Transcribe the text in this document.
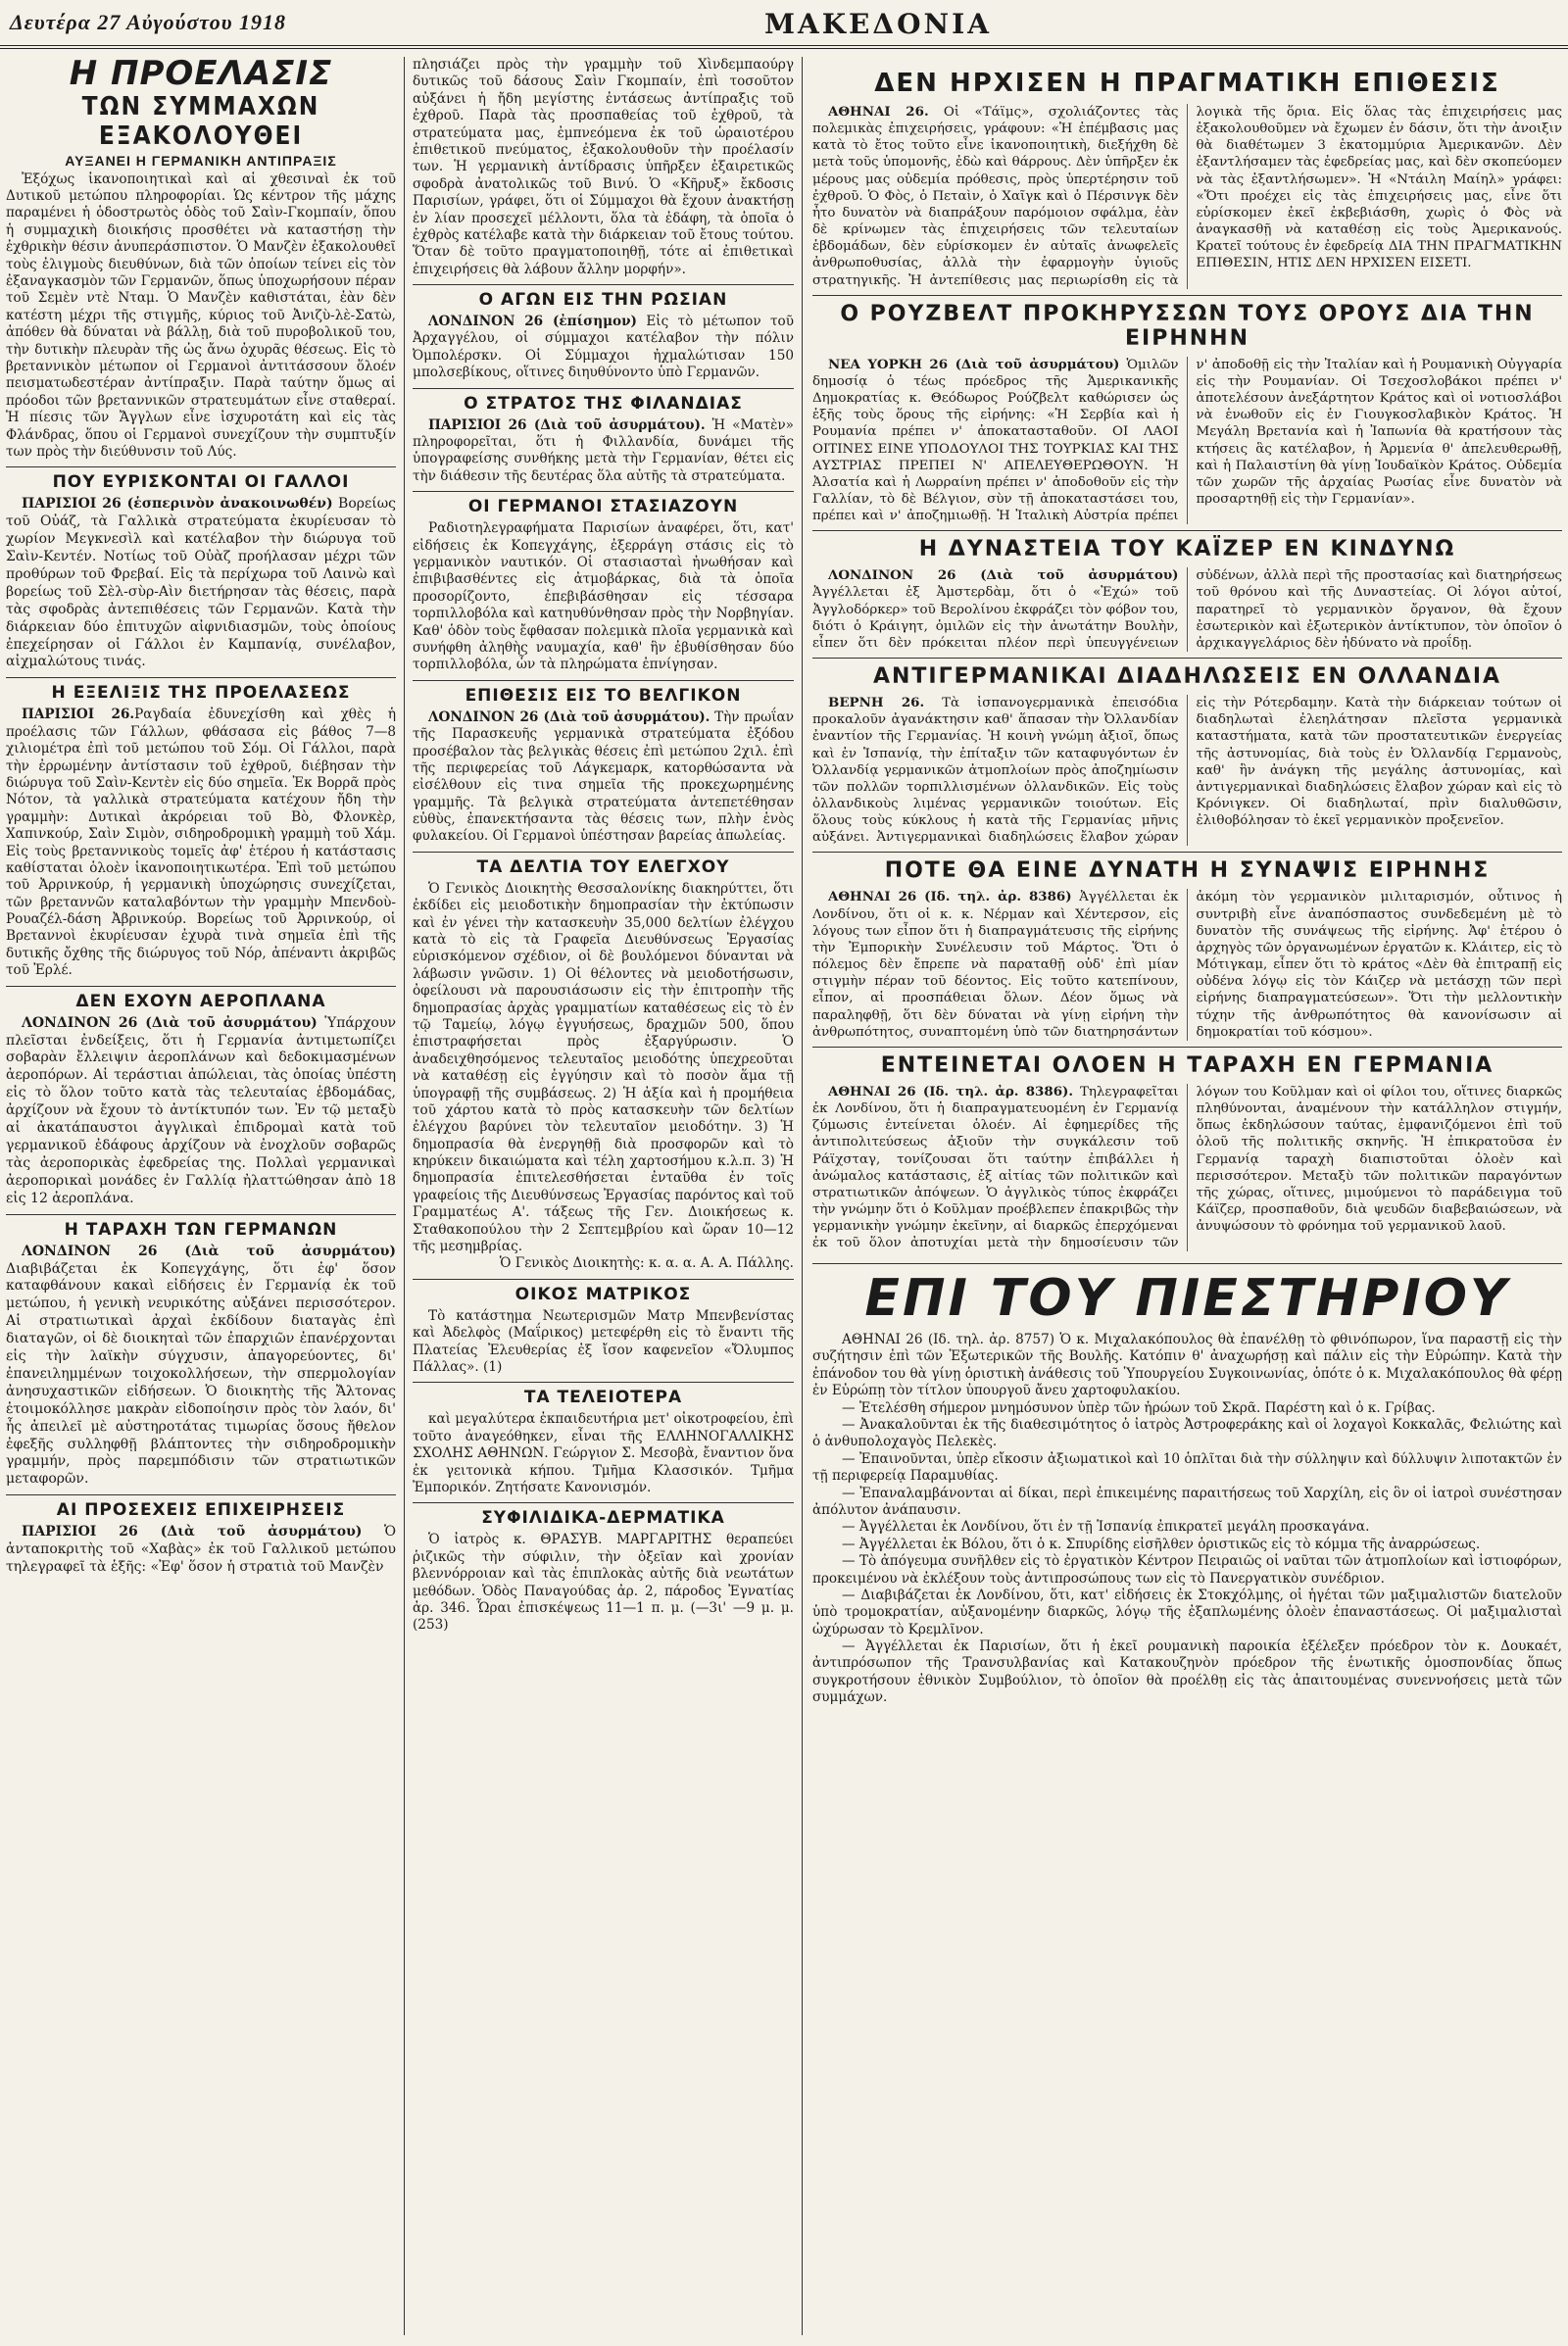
Δευτέρα 27 Αὐγούστου 1918	ΜΑΚΕΔΟΝΙΑ
Η ΠΡΟΕΛΑΣΙΣ
ΤΩΝ ΣΥΜΜΑΧΩΝ ΕΞΑΚΟΛΟΥΘΕΙ
ΑΥΞΑΝΕΙ Η ΓΕΡΜΑΝΙΚΗ ΑΝΤΙΠΡΑΞΙΣ

Ἐξόχως ἱκανοποιητικαὶ καὶ αἱ χθεσιναὶ ἐκ τοῦ Δυτικοῦ μετώπου πληροφορίαι. Ὡς κέντρον τῆς μάχης παραμένει ἡ ὁδοστρωτὸς ὁδὸς τοῦ Σαὶν-Γκομπαίν, ὅπου ἡ συμμαχικὴ διοικήσις προσθέτει νὰ καταστήσῃ τὴν ἐχθρικὴν θέσιν ἀνυπεράσπιστον. Ὁ Μανζὲν ἐξακολουθεῖ τοὺς ἐλιγμοὺς διευθύνων, διὰ τῶν ὁποίων τείνει εἰς τὸν ἐξαναγκασμὸν τῶν Γερμανῶν, ὅπως ὑποχωρήσουν πέραν τοῦ Σεμὲν ντὲ Νταμ. Ὁ Μανζὲν καθιστάται, ἐὰν δὲν κατέστη μέχρι τῆς στιγμῆς, κύριος τοῦ Ἀνιζὺ-λὲ-Σατὼ, ἀπόθεν θὰ δύναται νὰ βάλλῃ, διὰ τοῦ πυροβολικοῦ του, τὴν δυτικὴν πλευρὰν τῆς ὡς ἄνω ὀχυρᾶς θέσεως. Εἰς τὸ βρεταννικὸν μέτωπον οἱ Γερμανοὶ ἀντιτάσσουν ὅλοέν πεισματωδεστέραν ἀντίπραξιν. Παρὰ ταύτην ὅμως αἱ πρόοδοι τῶν βρεταννικῶν στρατευμάτων εἶνε σταθεραί. Ἡ πίεσις τῶν Ἄγγλων εἶνε ἰσχυροτάτη καὶ εἰς τὰς Φλάνδρας, ὅπου οἱ Γερμανοὶ συνεχίζουν τὴν συμπτυξίν των πρὸς τὴν διεύθυνσιν τοῦ Λύς.

ΠΟΥ ΕΥΡΙΣΚΟΝΤΑΙ ΟΙ ΓΑΛΛΟΙ

ΠΑΡΙΣΙΟΙ 26 (ἑσπερινὸν ἀνακοινωθέν) Βορείως τοῦ Οὐάζ, τὰ Γαλλικὰ στρατεύματα ἐκυρίευσαν τὸ χωρίον Μεγκνεσὶλ καὶ κατέλαβον τὴν διώρυγα τοῦ Σαὶν-Κεντέν. Νοτίως τοῦ Οὐὰζ προήλασαν μέχρι τῶν προθύρων τοῦ Φρεβαί. Εἰς τὰ περίχωρα τοῦ Λαινὼ καὶ βορείως τοῦ Σὲλ-σὺρ-Αὶν διετήρησαν τὰς θέσεις, παρὰ τὰς σφοδρὰς ἀντεπιθέσεις τῶν Γερμανῶν. Κατὰ τὴν διάρκειαν δύο ἐπιτυχῶν αἰφνιδιασμῶν, τοὺς ὁποίους ἐπεχείρησαν οἱ Γάλλοι ἐν Καμπανίᾳ, συνέλαβον, αἰχμαλώτους τινάς.

Η ΕΞΕΛΙΞΙΣ ΤΗΣ ΠΡΟΕΛΑΣΕΩΣ

ΠΑΡΙΣΙΟΙ 26.Ραγδαία ἐδυνεχίσθη καὶ χθὲς ἡ προέλασις τῶν Γάλλων, φθάσασα εἰς βάθος 7—8 χιλιομέτρα ἐπὶ τοῦ μετώπου τοῦ Σόμ. Οἱ Γάλλοι, παρὰ τὴν ἐρρωμένην ἀντίστασιν τοῦ ἐχθροῦ, διέβησαν τὴν διώρυγα τοῦ Σαὶν-Κεντὲν εἰς δύο σημεῖα. Ἐκ Βορρᾶ πρὸς Νότον, τὰ γαλλικὰ στρατεύματα κατέχουν ἤδη τὴν γραμμὴν: Δυτικαὶ ἀκρόρειαι τοῦ Βὸ, Φλονκὲρ, Χαπινκούρ, Σαὶν Σιμὸν, σιδηροδρομικὴ γραμμὴ τοῦ Χάμ. Εἰς τοὺς βρεταννικοὺς τομεῖς ἀφ' ἑτέρου ἡ κατάστασις καθίσταται ὁλοὲν ἱκανοποιητικωτέρα. Ἐπὶ τοῦ μετώπου τοῦ Ἀρρινκούρ, ἡ γερμανικὴ ὑποχώρησις συνεχίζεται, τῶν βρεταννῶν καταλαβόντων τὴν γραμμὴν Μπενδοὺ-Ρουαζέλ-δάση Ἀβρινκούρ. Βορείως τοῦ Ἀρρινκούρ, οἱ Βρεταννοὶ ἐκυρίευσαν ἐχυρὰ τινὰ σημεῖα ἐπὶ τῆς δυτικῆς ὄχθης τῆς διώρυγος τοῦ Νόρ, ἀπέναντι ἀκριβῶς τοῦ Ἐρλέ.

ΔΕΝ ΕΧΟΥΝ ΑΕΡΟΠΛΑΝΑ

ΛΟΝΔΙΝΟΝ 26 (Διὰ τοῦ ἀσυρμάτου) Ὑπάρχουν πλεῖσται ἐνδείξεις, ὅτι ἡ Γερμανία ἀντιμετωπίζει σοβαρὰν ἔλλειψιν ἀεροπλάνων καὶ δεδοκιμασμένων ἀεροπόρων. Αἱ τεράστιαι ἀπώλειαι, τὰς ὁποίας ὑπέστη εἰς τὸ ὅλον τοῦτο κατὰ τὰς τελευταίας ἑβδομάδας, ἀρχίζουν νὰ ἔχουν τὸ ἀντίκτυπόν των. Ἐν τῷ μεταξὺ αἱ ἀκατάπαυστοι ἀγγλικαὶ ἐπιδρομαὶ κατὰ τοῦ γερμανικοῦ ἐδάφους ἀρχίζουν νὰ ἐνοχλοῦν σοβαρῶς τὰς ἀεροπορικὰς ἐφεδρείας της. Πολλαὶ γερμανικαὶ ἀεροπορικαὶ μονάδες ἐν Γαλλίᾳ ἠλαττώθησαν ἀπὸ 18 εἰς 12 ἀεροπλάνα.

Η ΤΑΡΑΧΗ ΤΩΝ ΓΕΡΜΑΝΩΝ

ΛΟΝΔΙΝΟΝ 26 (Διὰ τοῦ ἀσυρμάτου) Διαβιβάζεται ἐκ Κοπεγχάγης, ὅτι ἐφ' ὅσον καταφθάνουν κακαὶ εἰδήσεις ἐν Γερμανίᾳ ἐκ τοῦ μετώπου, ἡ γενικὴ νευρικότης αὐξάνει περισσότερον. Αἱ στρατιωτικαὶ ἀρχαὶ ἐκδίδουν διαταγὰς ἐπὶ διαταγῶν, οἱ δὲ διοικηταὶ τῶν ἐπαρχιῶν ἐπανέρχονται εἰς τὴν λαϊκὴν σύγχυσιν, ἀπαγορεύοντες, δι' ἐπανειλημμένων τοιχοκολλήσεων, τὴν σπερμολογίαν ἀνησυχαστικῶν εἰδήσεων. Ὁ διοικητὴς τῆς Ἄλτονας ἐτοιμοκόλλησε μακρὰν εἰδοποίησιν πρὸς τὸν λαόν, δι' ἧς ἀπειλεῖ μὲ αὐστηροτάτας τιμωρίας ὅσους ἤθελον ἐφεξῆς συλληφθῇ βλάπτοντες τὴν σιδηροδρομικὴν γραμμήν, πρὸς παρεμπόδισιν τῶν στρατιωτικῶν μεταφορῶν.

ΑΙ ΠΡΟΣΕΧΕΙΣ ΕΠΙΧΕΙΡΗΣΕΙΣ

ΠΑΡΙΣΙΟΙ 26 (Διὰ τοῦ ἀσυρμάτου) Ὁ ἀνταποκριτὴς τοῦ «Χαβὰς» ἐκ τοῦ Γαλλικοῦ μετώπου τηλεγραφεῖ τὰ ἑξῆς: «Ἐφ' ὅσον ἡ στρατιὰ τοῦ Μανζὲν

πλησιάζει πρὸς τὴν γραμμὴν τοῦ Χὶνδεμπαούργ δυτικῶς τοῦ δάσους Σαὶν Γκομπαίν, ἐπὶ τοσοῦτον αὐξάνει ἡ ἤδη μεγίστης ἐντάσεως ἀντίπραξις τοῦ ἐχθροῦ. Παρὰ τὰς προσπαθείας τοῦ ἐχθροῦ, τὰ στρατεύματα μας, ἐμπνεόμενα ἐκ τοῦ ὡραιοτέρου ἐπιθετικοῦ πνεύματος, ἐξακολουθοῦν τὴν προέλασίν των. Ἡ γερμανικὴ ἀντίδρασις ὑπῆρξεν ἐξαιρετικῶς σφοδρὰ ἀνατολικῶς τοῦ Βινύ. Ὁ «Κῆρυξ» ἔκδοσις Παρισίων, γράφει, ὅτι οἱ Σύμμαχοι θὰ ἔχουν ἀνακτήσῃ ἐν λίαν προσεχεῖ μέλλοντι, ὅλα τὰ ἐδάφη, τὰ ὁποῖα ὁ ἐχθρὸς κατέλαβε κατὰ τὴν διάρκειαν τοῦ ἔτους τούτου. Ὅταν δὲ τοῦτο πραγματοποιηθῇ, τότε αἱ ἐπιθετικαὶ ἐπιχειρήσεις θὰ λάβουν ἄλλην μορφήν».

Ο ΑΓΩΝ ΕΙΣ ΤΗΝ ΡΩΣΙΑΝ

ΛΟΝΔΙΝΟΝ 26 (ἐπίσημον) Εἰς τὸ μέτωπον τοῦ Ἀρχαγγέλου, οἱ σύμμαχοι κατέλαβον τὴν πόλιν Ὀμπολέρσκν. Οἱ Σύμμαχοι ἠχμαλώτισαν 150 μπολσεβίκους, οἵτινες διηυθύνοντο ὑπὸ Γερμανῶν.

Ο ΣΤΡΑΤΟΣ ΤΗΣ ΦΙΛΑΝΔΙΑΣ

ΠΑΡΙΣΙΟΙ 26 (Διὰ τοῦ ἀσυρμάτου). Ἡ «Ματὲν» πληροφορεῖται, ὅτι ἡ Φιλλανδία, δυνάμει τῆς ὑπογραφείσης συνθήκης μετὰ τὴν Γερμανίαν, θέτει εἰς τὴν διάθεσιν τῆς δευτέρας ὅλα αὐτῆς τὰ στρατεύματα.

ΟΙ ΓΕΡΜΑΝΟΙ ΣΤΑΣΙΑΖΟΥΝ

Ραδιοτηλεγραφήματα Παρισίων ἀναφέρει, ὅτι, κατ' εἰδήσεις ἐκ Κοπεγχάγης, ἐξερράγη στάσις εἰς τὸ γερμανικὸν ναυτικόν. Οἱ στασιασταὶ ἠνωθήσαν καὶ ἐπιβιβασθέντες εἰς ἀτμοβάρκας, διὰ τὰ ὁποῖα προσορίζοντο, ἐπεβιβάσθησαν εἰς τέσσαρα τορπιλλοβόλα καὶ κατηυθύνθησαν πρὸς τὴν Νορβηγίαν. Καθ' ὁδὸν τοὺς ἔφθασαν πολεμικὰ πλοῖα γερμανικὰ καὶ συνήφθη ἀληθὴς ναυμαχία, καθ' ἣν ἐβυθίσθησαν δύο τορπιλλοβόλα, ὧν τὰ πληρώματα ἐπνίγησαν.

ΕΠΙΘΕΣΙΣ ΕΙΣ ΤΟ ΒΕΛΓΙΚΟΝ

ΛΟΝΔΙΝΟΝ 26 (Διὰ τοῦ ἀσυρμάτου). Τὴν πρωΐαν τῆς Παρασκευῆς γερμανικὰ στρατεύματα ἐξόδου προσέβαλον τὰς βελγικὰς θέσεις ἐπὶ μετώπου 2χιλ. ἐπὶ τῆς περιφερείας τοῦ Λάγκεμαρκ, κατορθώσαντα νὰ εἰσέλθουν εἰς τινα σημεῖα τῆς προκεχωρημένης γραμμῆς. Τὰ βελγικὰ στρατεύματα ἀντεπετέθησαν εὐθὺς, ἐπανεκτήσαντα τὰς θέσεις των, πλὴν ἑνὸς φυλακείου. Οἱ Γερμανοὶ ὑπέστησαν βαρείας ἀπωλείας.

ΤΑ ΔΕΛΤΙΑ ΤΟΥ ΕΛΕΓΧΟΥ

Ὁ Γενικὸς Διοικητὴς Θεσσαλονίκης διακηρύττει, ὅτι ἐκδίδει εἰς μειοδοτικὴν δημοπρασίαν τὴν ἐκτύπωσιν καὶ ἐν γένει τὴν κατασκευὴν 35,000 δελτίων ἐλέγχου κατὰ τὸ εἰς τὰ Γραφεῖα Διευθύνσεως Ἐργασίας εὑρισκόμενον σχέδιον, οἱ δὲ βουλόμενοι δύνανται νὰ λάβωσιν γνῶσιν. 1) Οἱ θέλοντες νὰ μειοδοτήσωσιν, ὀφείλουσι νὰ παρουσιάσωσιν εἰς τὴν ἐπιτροπὴν τῆς δημοπρασίας ἀρχὰς γραμματίων καταθέσεως εἰς τὸ ἐν τῷ Ταμείῳ, λόγῳ ἐγγυήσεως, δραχμῶν 500, ὅπου ἐπιστραφήσεται πρὸς ἐξαργύρωσιν. Ὁ ἀναδειχθησόμενος τελευταῖος μειοδότης ὑπεχρεοῦται νὰ καταθέσῃ εἰς ἐγγύησιν καὶ τὸ ποσὸν ἅμα τῇ ὑπογραφῇ τῆς συμβάσεως. 2) Ἡ ἀξία καὶ ἡ προμήθεια τοῦ χάρτου κατὰ τὸ πρὸς κατασκευὴν τῶν δελτίων ἐλέγχου βαρύνει τὸν τελευταῖον μειοδότην. 3) Ἡ δημοπρασία θὰ ἐνεργηθῇ διὰ προσφορῶν καὶ τὸ κηρύκειν δικαιώματα καὶ τέλη χαρτοσήμου κ.λ.π. 3) Ἡ δημοπρασία ἐπιτελεσθήσεται ἐνταῦθα ἐν τοῖς γραφείοις τῆς Διευθύνσεως Ἐργασίας παρόντος καὶ τοῦ Γραμματέως Α'. τάξεως τῆς Γεν. Διοικήσεως κ. Σταθακοπούλου τὴν 2 Σεπτεμβρίου καὶ ὥραν 10—12 τῆς μεσημβρίας.

Ὁ Γενικὸς Διοικητὴς: κ. α. α. Α. Α. Πάλλης.

ΟΙΚΟΣ ΜΑΤΡΙΚΟΣ

Τὸ κατάστημα Νεωτερισμῶν Ματρ Μπενβενίστας καὶ Ἀδελφὸς (Μαΐρικος) μετεφέρθη εἰς τὸ ἔναντι τῆς Πλατείας Ἐλευθερίας ἐξ ἴσον καφενεῖον «Ὄλυμπος Πάλλας». (1)

ΤΑ ΤΕΛΕΙΟΤΕΡΑ

καὶ μεγαλύτερα ἐκπαιδευτήρια μετ' οἰκοτροφείου, ἐπὶ τοῦτο ἀναγεόθηκεν, εἶναι τῆς ΕΛΛΗΝΟΓΑΛΛΙΚΗΣ ΣΧΟΛΗΣ ΑΘΗΝΩΝ. Γεώργιον Σ. Μεσοβὰ, ἔναντιον ὅνα ἐκ γειτονικὰ κήπου. Τμῆμα Κλασσικόν. Τμῆμα Ἐμπορικόν. Ζητήσατε Κανονισμόν.

ΣΥΦΙΛΙΔΙΚΑ-ΔΕΡΜΑΤΙΚΑ

Ὁ ἰατρὸς κ. ΘΡΑΣΥΒ. ΜΑΡΓΑΡΙΤΗΣ θεραπεύει ῥιζικῶς τὴν σύφιλιν, τὴν ὀξεῖαν καὶ χρονίαν βλεννόρροιαν καὶ τὰς ἐπιπλοκὰς αὐτῆς διὰ νεωτάτων μεθόδων. Ὁδὸς Παναγούδας ἀρ. 2, πάροδος Ἐγνατίας ἀρ. 346. Ὧραι ἐπισκέψεως 11—1 π. μ. (—3ι' —9 μ. μ. (253)

ΔΕΝ ΗΡΧΙΣΕΝ Η ΠΡΑΓΜΑΤΙΚΗ ΕΠΙΘΕΣΙΣ

ΑΘΗΝΑΙ 26. Οἱ «Τάϊμς», σχολιάζοντες τὰς πολεμικὰς ἐπιχειρήσεις, γράφουν: «Ἡ ἐπέμβασις μας κατὰ τὸ ἔτος τοῦτο εἶνε ἱκανοποιητικὴ, διεξήχθη δὲ μετὰ τοῦς ὑπομονῆς, ἐδὼ καὶ θάρρους. Δὲν ὑπῆρξεν ἐκ μέρους μας οὐδεμία πρόθεσις, πρὸς ὑπερτέρησιν τοῦ ἐχθροῦ. Ὁ Φὸς, ὁ Πεταὶν, ὁ Χαῖγκ καὶ ὁ Πέρσινγκ δὲν ἦτο δυνατὸν νὰ διαπράξουν παρόμοιον σφάλμα, ἐὰν δὲ κρίνωμεν τὰς ἐπιχειρήσεις τῶν τελευταίων ἑβδομάδων, δὲν εὑρίσκομεν ἐν αὐταῖς ἀνωφελεῖς ἀνθρωποθυσίας, ἀλλὰ τὴν ἐφαρμογὴν ὑγιοῦς στρατηγικῆς. Ἡ ἀντεπίθεσις μας περιωρίσθη εἰς τὰ λογικὰ τῆς ὅρια. Εἰς ὅλας τὰς ἐπιχειρήσεις μας ἐξακολουθοῦμεν νὰ ἔχωμεν ἐν δάσιν, ὅτι τὴν ἀνοιξιν θὰ διαθέτωμεν 3 ἑκατομμύρια Ἀμερικανῶν. Δὲν ἐξαντλήσαμεν τὰς ἐφεδρείας μας, καὶ δὲν σκοπεύομεν νὰ τὰς ἐξαντλήσωμεν». Ἡ «Ντάιλη Μαίηλ» γράφει: «Ὅτι προέχει εἰς τὰς ἐπιχειρήσεις μας, εἶνε ὅτι εὑρίσκομεν ἐκεῖ ἐκβεβιάσθη, χωρὶς ὁ Φὸς νὰ ἀναγκασθῇ νὰ καταθέσῃ εἰς τοὺς Ἀμερικανούς. Κρατεῖ τούτους ἐν ἐφεδρείᾳ ΔΙΑ ΤΗΝ ΠΡΑΓΜΑΤΙΚΗΝ ΕΠΙΘΕΣΙΝ, ΗΤΙΣ ΔΕΝ ΗΡΧΙΣΕΝ ΕΙΣΕΤΙ.

Ο ΡΟΥΖΒΕΛΤ ΠΡΟΚΗΡΥΣΣΩΝ ΤΟΥΣ ΟΡΟΥΣ ΔΙΑ ΤΗΝ ΕΙΡΗΝΗΝ

ΝΕΑ ΥΟΡΚΗ 26 (Διὰ τοῦ ἀσυρμάτου) Ὁμιλῶν δημοσίᾳ ὁ τέως πρόεδρος τῆς Ἀμερικανικῆς Δημοκρατίας κ. Θεόδωρος Ρούζβελτ καθώρισεν ὡς ἑξῆς τοὺς ὅρους τῆς εἰρήνης: «Ἡ Σερβία καὶ ἡ Ρουμανία πρέπει ν' ἀποκατασταθοῦν. ΟΙ ΛΑΟΙ ΟΙΤΙΝΕΣ ΕΙΝΕ ΥΠΟΔΟΥΛΟΙ ΤΗΣ ΤΟΥΡΚΙΑΣ ΚΑΙ ΤΗΣ ΑΥΣΤΡΙΑΣ ΠΡΕΠΕΙ Ν' ΑΠΕΛΕΥΘΕΡΩΘΟΥΝ. Ἡ Ἀλσατία καὶ ἡ Λωρραίνη πρέπει ν' ἀποδοθοῦν εἰς τὴν Γαλλίαν, τὸ δὲ Βέλγιον, σὺν τῇ ἀποκαταστάσει του, πρέπει καὶ ν' ἀποζημιωθῇ. Ἡ Ἰταλικὴ Αὐστρία πρέπει ν' ἀποδοθῇ εἰς τὴν Ἰταλίαν καὶ ἡ Ρουμανικὴ Οὐγγαρία εἰς τὴν Ρουμανίαν. Οἱ Τσεχοσλοβάκοι πρέπει ν' ἀποτελέσουν ἀνεξάρτητον Κράτος καὶ οἱ νοτιοσλάβοι νὰ ἑνωθοῦν εἰς ἐν Γιουγκοσλαβικὸν Κράτος. Ἡ Μεγάλη Βρετανία καὶ ἡ Ἰαπωνία θὰ κρατήσουν τὰς κτήσεις ἃς κατέλαβον, ἡ Ἀρμενία θ' ἀπελευθερωθῇ, καὶ ἡ Παλαιστίνη θὰ γίνῃ Ἰουδαϊκὸν Κράτος. Οὐδεμία τῶν χωρῶν τῆς ἀρχαίας Ρωσίας εἶνε δυνατὸν νὰ προσαρτηθῇ εἰς τὴν Γερμανίαν».

Η ΔΥΝΑΣΤΕΙΑ ΤΟΥ ΚΑΪΖΕΡ ΕΝ ΚΙΝΔΥΝΩ

ΛΟΝΔΙΝΟΝ 26 (Διὰ τοῦ ἀσυρμάτου) Ἀγγέλλεται ἐξ Ἀμστερδὰμ, ὅτι ὁ «Ἐχώ» τοῦ Ἀγγλοδόρκερ» τοῦ Βερολίνου ἐκφράζει τὸν φόβον του, διότι ὁ Κράιγητ, ὁμιλῶν εἰς τὴν ἀνωτάτην Βουλὴν, εἶπεν ὅτι δὲν πρόκειται πλέον περὶ ὑπευγγένειων σὐδένων, ἀλλὰ περὶ τῆς προστασίας καὶ διατηρήσεως τοῦ θρόνου καὶ τῆς Δυναστείας. Οἱ λόγοι αὐτοί, παρατηρεῖ τὸ γερμανικὸν ὄργανον, θὰ ἔχουν ἐσωτερικὸν καὶ ἐξωτερικὸν ἀντίκτυπον, τὸν ὁποῖον ὁ ἀρχικαγγελάριος δὲν ἠδύνατο νὰ προΐδῃ.

ΑΝΤΙΓΕΡΜΑΝΙΚΑΙ ΔΙΑΔΗΛΩΣΕΙΣ ΕΝ ΟΛΛΑΝΔΙΑ

ΒΕΡΝΗ 26. Τὰ ἱσπανογερμανικὰ ἐπεισόδια προκαλοῦν ἀγανάκτησιν καθ' ἅπασαν τὴν Ὀλλανδίαν ἐναντίον τῆς Γερμανίας. Ἡ κοινὴ γνώμη ἀξιοῖ, ὅπως καὶ ἐν Ἱσπανίᾳ, τὴν ἐπίταξιν τῶν καταφυγόντων ἐν Ὀλλανδίᾳ γερμανικῶν ἀτμοπλοίων πρὸς ἀποζημίωσιν τῶν πολλῶν τορπιλλισμένων ὀλλανδικῶν. Εἰς τοὺς ὀλλανδικοὺς λιμένας γερμανικῶν τοιούτων. Εἰς ὅλους τοὺς κύκλους ἡ κατὰ τῆς Γερμανίας μῆνις αὐξάνει. Ἀντιγερμανικαὶ διαδηλώσεις ἔλαβον χώραν εἰς τὴν Ρότερδαμην. Κατὰ τὴν διάρκειαν τούτων οἱ διαδηλωταὶ ἐλεηλάτησαν πλεῖστα γερμανικὰ καταστήματα, κατὰ τῶν προστατευτικῶν ἐνεργείας τῆς ἀστυνομίας, διὰ τοὺς ἐν Ὀλλανδίᾳ Γερμανοὺς, καθ' ἣν ἀνάγκη τῆς μεγάλης ἀστυνομίας, καὶ ἀντιγερμανικαὶ διαδηλώσεις ἔλαβον χώραν καὶ εἰς τὸ Κρόνιγκεν. Οἱ διαδηλωταί, πρὶν διαλυθῶσιν, ἐλιθοβόλησαν τὸ ἐκεῖ γερμανικὸν προξενεῖον.

ΠΟΤΕ ΘΑ ΕΙΝΕ ΔΥΝΑΤΗ Η ΣΥΝΑΨΙΣ ΕΙΡΗΝΗΣ

ΑΘΗΝΑΙ 26 (Ιδ. τηλ. ἀρ. 8386) Ἀγγέλλεται ἐκ Λονδίνου, ὅτι οἱ κ. κ. Νέρμαν καὶ Χέντερσον, εἰς λόγους των εἶπον ὅτι ἡ διαπραγμάτευσις τῆς εἰρήνης τὴν Ἐμπορικὴν Συνέλευσιν τοῦ Μάρτος. Ὅτι ὁ πόλεμος δὲν ἔπρεπε νὰ παραταθῇ οὐδ' ἐπὶ μίαν στιγμὴν πέραν τοῦ δέοντος. Εἰς τοῦτο κατεπίνουν, εἶπον, αἱ προσπάθειαι ὅλων. Δέον ὅμως νὰ παραληφθῇ, ὅτι δὲν δύναται νὰ γίνῃ εἰρήνη τὴν ἀνθρωπότητος, συναπτομένη ὑπὸ τῶν διατηρησάντων ἀκόμη τὸν γερμανικὸν μιλιταρισμόν, οὗτινος ἡ συντριβὴ εἶνε ἀναπόσπαστος συνδεδεμένη μὲ τὸ δυνατὸν τῆς συνάψεως τῆς εἰρήνης. Ἀφ' ἑτέρου ὁ ἀρχηγὸς τῶν ὀργανωμένων ἐργατῶν κ. Κλάιτερ, εἰς τὸ Μότιγκαμ, εἶπεν ὅτι τὸ κράτος «Δὲν θὰ ἐπιτραπῇ εἰς οὐδένα λόγῳ εἰς τὸν Κάιζερ νὰ μετάσχῃ τῶν περὶ εἰρήνης διαπραγματεύσεων». Ὅτι τὴν μελλοντικὴν τύχην τῆς ἀνθρωπότητος θὰ κανονίσωσιν αἱ δημοκρατίαι τοῦ κόσμου».

ΕΝΤΕΙΝΕΤΑΙ ΟΛΟΕΝ Η ΤΑΡΑΧΗ ΕΝ ΓΕΡΜΑΝΙΑ

ΑΘΗΝΑΙ 26 (Ιδ. τηλ. ἀρ. 8386). Τηλεγραφεῖται ἐκ Λονδίνου, ὅτι ἡ διαπραγματευομένη ἐν Γερμανίᾳ ζύμωσις ἐντείνεται ὁλοέν. Αἱ ἐφημερίδες τῆς ἀντιπολιτεύσεως ἀξιοῦν τὴν συγκάλεσιν τοῦ Ράϊχσταγ, τονίζουσαι ὅτι ταύτην ἐπιβάλλει ἡ ἀνώμαλος κατάστασις, ἐξ αἰτίας τῶν πολιτικῶν καὶ στρατιωτικῶν ἀπόψεων. Ὁ ἀγγλικὸς τύπος ἐκφράζει τὴν γνώμην ὅτι ὁ Κοῦλμαν προέβλεπεν ἐπακριβῶς τὴν γερμανικὴν γνώμην ἐκεῖνην, αἱ διαρκῶς ἐπερχόμεναι ἐκ τοῦ ὅλον ἀποτυχίαι μετὰ τὴν δημοσίευσιν τῶν λόγων του Κοῦλμαν καὶ οἱ φίλοι του, οἵτινες διαρκῶς πληθύνονται, ἀναμένουν τὴν κατάλληλον στιγμήν, ὅπως ἐκδηλώσουν ταύτας, ἐμφανιζόμενοι ἐπὶ τοῦ ὁλοῦ τῆς πολιτικῆς σκηνῆς. Ἡ ἐπικρατοῦσα ἐν Γερμανίᾳ ταραχὴ διαπιστοῦται ὁλοὲν καὶ περισσότερον. Μεταξὺ τῶν πολιτικῶν παραγόντων τῆς χώρας, οἵτινες, μιμούμενοι τὸ παράδειγμα τοῦ Κάϊζερ, προσπαθοῦν, διὰ ψευδῶν διαβεβαιώσεων, νὰ ἀνυψώσουν τὸ φρόνημα τοῦ γερμανικοῦ λαοῦ.

ΕΠΙ ΤΟΥ ΠΙΕΣΤΗΡΙΟΥ

ΑΘΗΝΑΙ 26 (Ιδ. τηλ. ἀρ. 8757) Ὁ κ. Μιχαλακόπουλος θὰ ἐπανέλθῃ τὸ φθινόπωρον, ἵνα παραστῇ εἰς τὴν συζήτησιν ἐπὶ τῶν Ἐξωτερικῶν τῆς Βουλῆς. Κατόπιν θ' ἀναχωρήσῃ καὶ πάλιν εἰς τὴν Εὐρώπην. Κατὰ τὴν ἐπάνοδον του θὰ γίνῃ ὁριστικὴ ἀνάθεσις τοῦ Ὑπουργείου Συγκοινωνίας, ὁπότε ὁ κ. Μιχαλακόπουλος θὰ φέρῃ ἐν Εὐρώπῃ τὸν τίτλον ὑπουργοῦ ἄνευ χαρτοφυλακίου.

— Ἐτελέσθη σήμερον μνημόσυνον ὑπὲρ τῶν ἡρώων τοῦ Σκρᾶ. Παρέστη καὶ ὁ κ. Γρίβας.

— Ἀνακαλοῦνται ἐκ τῆς διαθεσιμότητος ὁ ἰατρὸς Ἀστροφεράκης καὶ οἱ λοχαγοὶ Κοκκαλᾶς, Φελιώτης καὶ ὁ ἀνθυπολοχαγὸς Πελεκὲς.

— Ἐπαινοῦνται, ὑπὲρ εἴκοσιν ἀξιωματικοὶ καὶ 10 ὁπλῖται διὰ τὴν σύλληψιν καὶ δύλλυψιν λιποτακτῶν ἐν τῇ περιφερείᾳ Παραμυθίας.

— Ἐπαναλαμβάνονται αἱ δίκαι, περὶ ἐπικειμένης παραιτήσεως τοῦ Χαρχίλη, εἰς ὃν οἱ ἰατροὶ συνέστησαν ἀπόλυτον ἀνάπαυσιν.

— Ἀγγέλλεται ἐκ Λονδίνου, ὅτι ἐν τῇ Ἱσπανίᾳ ἐπικρατεῖ μεγάλη προσκαγάνα.

— Ἀγγέλλεται ἐκ Βόλου, ὅτι ὁ κ. Σπυρίδης εἰσῆλθεν ὁριστικῶς εἰς τὸ κόμμα τῆς ἀναρρώσεως.

— Τὸ ἀπόγευμα συνῆλθεν εἰς τὸ ἐργατικὸν Κέντρον Πειραιῶς οἱ ναῦται τῶν ἀτμοπλοίων καὶ ἰστιοφόρων, προκειμένου νὰ ἐκλέξουν τοὺς ἀντιπροσώπους των εἰς τὸ Πανεργατικὸν συνέδριον.

— Διαβιβάζεται ἐκ Λονδίνου, ὅτι, κατ' εἰδήσεις ἐκ Στοκχόλμης, οἱ ἡγέται τῶν μαξιμαλιστῶν διατελοῦν ὑπὸ τρομοκρατίαν, αὐξανομένην διαρκῶς, λόγῳ τῆς ἐξαπλωμένης ὁλοὲν ἐπαναστάσεως. Οἱ μαξιμαλισταὶ ὠχύρωσαν τὸ Κρεμλῖνον.

— Ἀγγέλλεται ἐκ Παρισίων, ὅτι ἡ ἐκεῖ ρουμανικὴ παροικία ἐξέλεξεν πρόεδρον τὸν κ. Δουκαέτ, ἀντιπρόσωπον τῆς Τρανσυλβανίας καὶ Κατακουζηνὸν πρόεδρον τῆς ἑνωτικῆς ὁμοσπονδίας ὅπως συγκροτήσουν ἐθνικὸν Συμβούλιον, τὸ ὁποῖον θὰ προέλθῃ εἰς τὰς ἀπαιτουμένας συνεννοήσεις μετὰ τῶν συμμάχων.
